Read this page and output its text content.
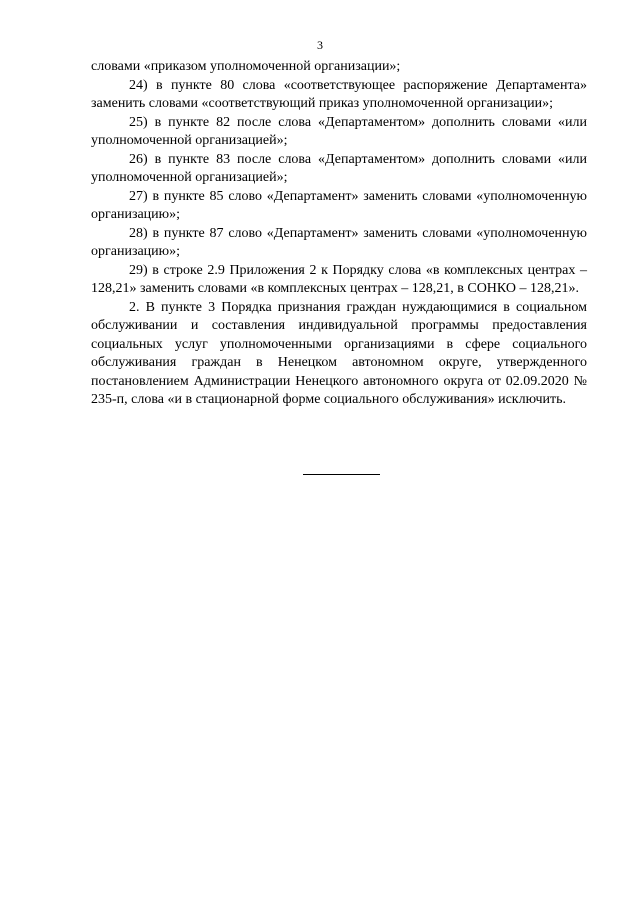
3

словами «приказом уполномоченной организации»;

24) в пункте 80 слова «соответствующее распоряжение Департамента» заменить словами «соответствующий приказ уполномоченной организации»;

25) в пункте 82 после слова «Департаментом» дополнить словами «или уполномоченной организацией»;

26) в пункте 83 после слова «Департаментом» дополнить словами «или уполномоченной организацией»;

27) в пункте 85 слово «Департамент» заменить словами «уполномоченную организацию»;

28) в пункте 87 слово «Департамент» заменить словами «уполномоченную организацию»;

29) в строке 2.9 Приложения 2 к Порядку слова «в комплексных центрах – 128,21» заменить словами «в комплексных центрах – 128,21, в СОНКО – 128,21».

2. В пункте 3 Порядка признания граждан нуждающимися в социальном обслуживании и составления индивидуальной программы предоставления социальных услуг уполномоченными организациями в сфере социального обслуживания граждан в Ненецком автономном округе, утвержденного постановлением Администрации Ненецкого автономного округа от 02.09.2020 № 235-п, слова «и в стационарной форме социального обслуживания» исключить.
